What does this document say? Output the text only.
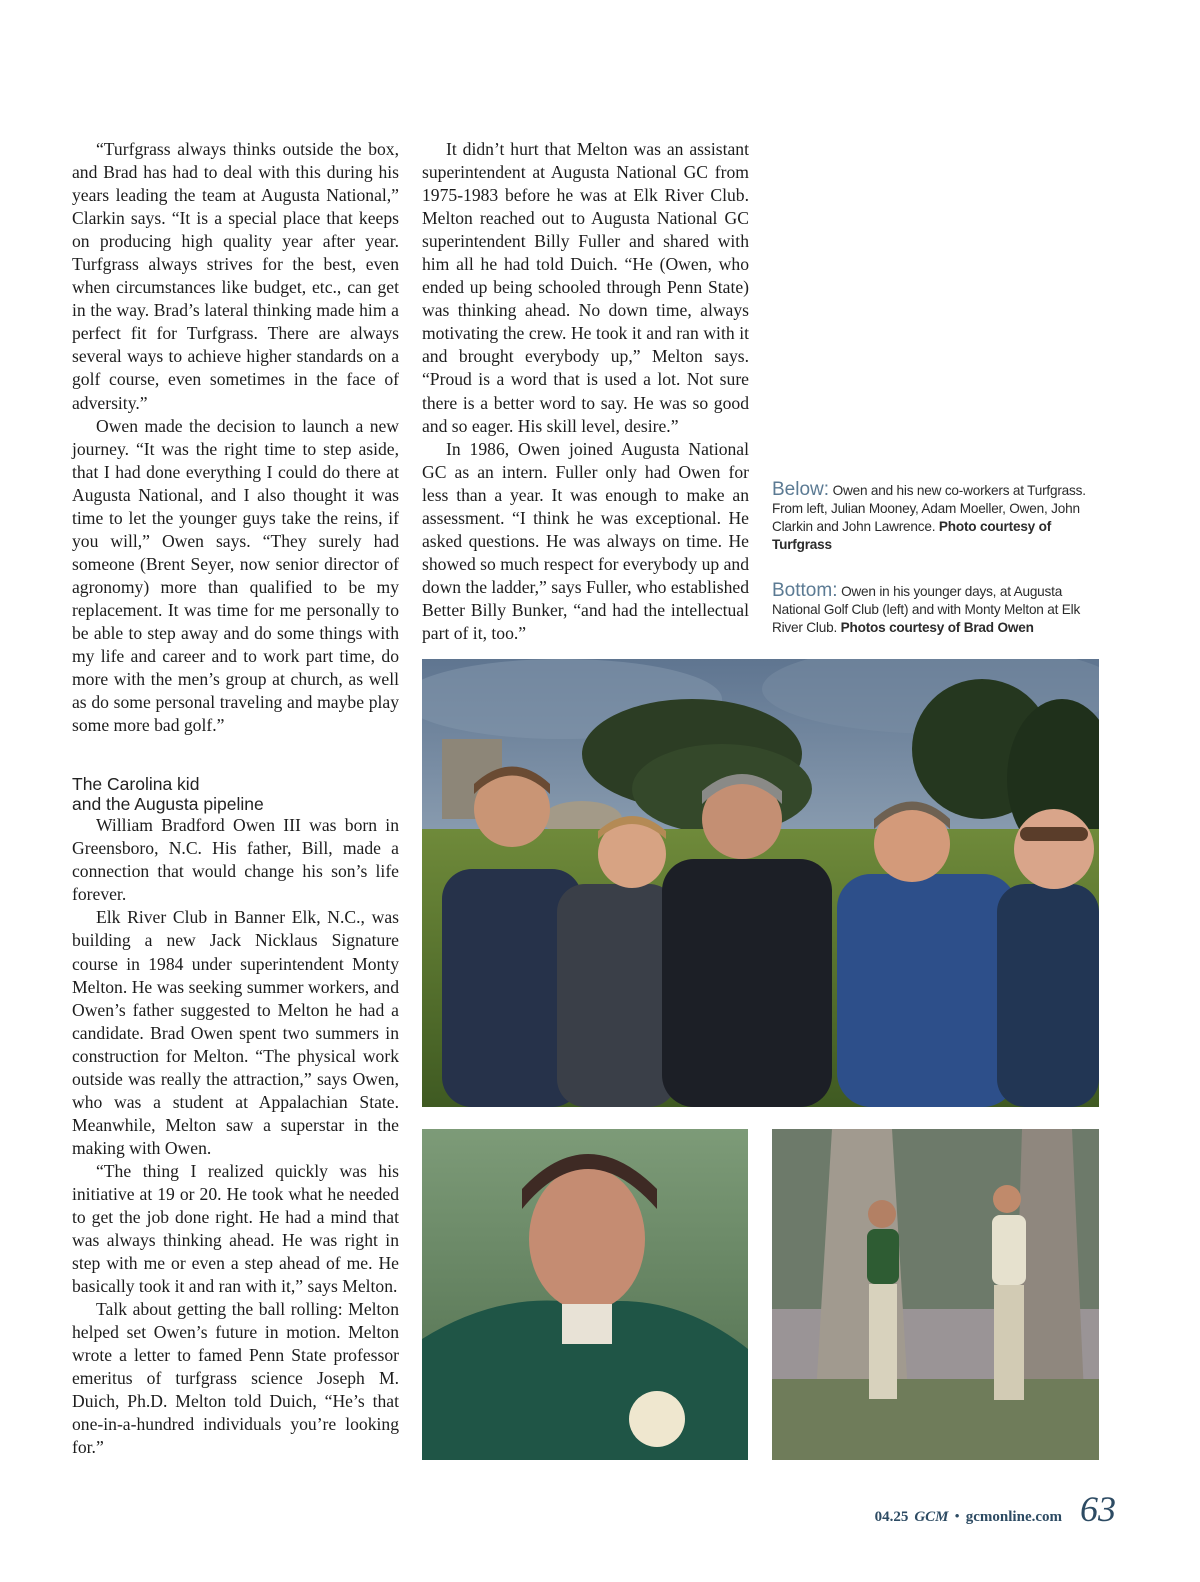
“Turfgrass always thinks outside the box, and Brad has had to deal with this during his years leading the team at Augusta National,” Clarkin says. “It is a special place that keeps on producing high quality year after year. Turfgrass always strives for the best, even when circumstances like budget, etc., can get in the way. Brad’s lateral thinking made him a perfect fit for Turfgrass. There are always several ways to achieve higher standards on a golf course, even sometimes in the face of adversity.”

Owen made the decision to launch a new journey. “It was the right time to step aside, that I had done everything I could do there at Augusta National, and I also thought it was time to let the younger guys take the reins, if you will,” Owen says. “They surely had someone (Brent Seyer, now senior director of agronomy) more than qualified to be my replacement. It was time for me personally to be able to step away and do some things with my life and career and to work part time, do more with the men’s group at church, as well as do some personal traveling and maybe play some more bad golf.”

The Carolina kid
and the Augusta pipeline

William Bradford Owen III was born in Greensboro, N.C. His father, Bill, made a connection that would change his son’s life forever.

Elk River Club in Banner Elk, N.C., was building a new Jack Nicklaus Signature course in 1984 under superintendent Monty Melton. He was seeking summer workers, and Owen’s father suggested to Melton he had a candidate. Brad Owen spent two summers in construction for Melton. “The physical work outside was really the attraction,” says Owen, who was a student at Appalachian State. Meanwhile, Melton saw a superstar in the making with Owen.

“The thing I realized quickly was his initiative at 19 or 20. He took what he needed to get the job done right. He had a mind that was always thinking ahead. He was right in step with me or even a step ahead of me. He basically took it and ran with it,” says Melton.

Talk about getting the ball rolling: Melton helped set Owen’s future in motion. Melton wrote a letter to famed Penn State professor emeritus of turfgrass science Joseph M. Duich, Ph.D. Melton told Duich, “He’s that one-in-a-hundred individuals you’re looking for.”

It didn’t hurt that Melton was an assistant superintendent at Augusta National GC from 1975-1983 before he was at Elk River Club. Melton reached out to Augusta National GC superintendent Billy Fuller and shared with him all he had told Duich. “He (Owen, who ended up being schooled through Penn State) was thinking ahead. No down time, always motivating the crew. He took it and ran with it and brought everybody up,” Melton says. “Proud is a word that is used a lot. Not sure there is a better word to say. He was so good and so eager. His skill level, desire.”

In 1986, Owen joined Augusta National GC as an intern. Fuller only had Owen for less than a year. It was enough to make an assessment. “I think he was exceptional. He asked questions. He was always on time. He showed so much respect for everybody up and down the ladder,” says Fuller, who established Better Billy Bunker, “and had the intellectual part of it, too.”

Below: Owen and his new co-workers at Turfgrass. From left, Julian Mooney, Adam Moeller, Owen, John Clarkin and John Lawrence. Photo courtesy of Turfgrass
Bottom: Owen in his younger days, at Augusta National Golf Club (left) and with Monty Melton at Elk River Club. Photos courtesy of Brad Owen
04.25 GCM • gcmonline.com 63
